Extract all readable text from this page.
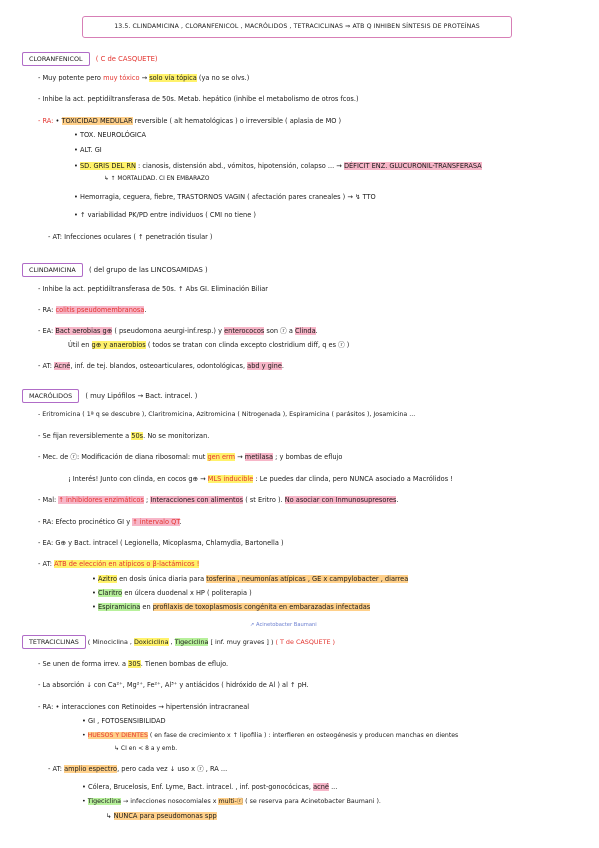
13.5. CLINDAMICINA , CLORANFENICOL , MACRÓLIDOS , TETRACICLINAS ⇒ ATB Q INHIBEN SÍNTESIS DE PROTEÍNAS
CLORANFENICOL ( C de CASQUETE)
- Muy potente pero muy tóxico → solo vía tópica (ya no se olvs.)
- Inhibe la act. peptidiltransferasa de 50s. Metab. hepático (inhibe el metabolismo de otros fcos.)
- RA: • TOXICIDAD MEDULAR reversible ( alt hematológicas ) o irreversible ( aplasia de MO )
• TOX. NEUROLÓGICA
• ALT. GI
• SD. GRIS DEL RN : cianosis, distensión abd., vómitos, hipotensión, colapso ... → DÉFICIT ENZ. GLUCURONIL-TRANSFERASA
↳ ↑ MORTALIDAD. CI EN EMBARAZO
• Hemorragia, ceguera, fiebre, TRASTORNOS VAGIN ( afectación pares craneales ) → ↯ TTO
• ↑ variabilidad PK/PD entre individuos ( CMI no tiene )
- AT: Infecciones oculares ( ↑ penetración tisular )
CLINDAMICINA ( del grupo de las LINCOSAMIDAS )
- Inhibe la act. peptidiltransferasa de 50s. ↑ Abs GI. Eliminación Biliar
- RA: colitis pseudomembranosa.
- EA: Bact aerobias g⊕ ( pseudomona aeurgi-inf.resp.) y enterococos son ⓡ a Clinda.
Útil en g⊕ y anaerobios ( todos se tratan con clinda excepto clostridium diff, q es ⓡ )
- AT: Acné, inf. de tej. blandos, osteoarticulares, odontológicas, abd y gine.
MACRÓLIDOS ( muy Lipófilos → Bact. intracel. )
- Eritromicina ( 1ª q se descubre ), Claritromicina, Azitromicina ( Nitrogenada ), Espiramicina ( parásitos ), Josamicina ...
- Se fijan reversiblemente a 50s. No se monitorizan.
- Mec. de ⓡ: Modificación de diana ribosomal: mut gen erm → metilasa ; y bombas de eflujo
¡ Interés! Junto con clinda, en cocos g⊕ → MLS inducible : Le puedes dar clinda, pero NUNCA asociado a Macrólidos !
- Mal: ↑ inhibidores enzimáticos ; Interacciones con alimentos ( st Eritro ). No asociar con Inmunosupresores.
- RA: Efecto procinético GI y ↑ intervalo QT.
- EA: G⊕ y Bact. intracel ( Legionella, Micoplasma, Chlamydia, Bartonella )
- AT: ATB de elección en atípicos o β-lactámicos !
• Azitro en dosis única diaria para tosferina , neumonías atípicas , GE x campylobacter , diarrea
• Claritro en úlcera duodenal x HP ( politerapia )
• Espiramicina en profilaxis de toxoplasmosis congénita en embarazadas infectadas
↗ Acinetobacter Baumani
TETRACICLINAS ( Minociclina , Doxiciclina , Tigeciclina [ inf. muy graves ] ) ( T de CASQUETE )
- Se unen de forma irrev. a 30S. Tienen bombas de eflujo.
- La absorción ↓ con Ca²⁺, Mg²⁺, Fe²⁺, Al³⁺ y antiácidos ( hidróxido de Al ) al ↑ pH.
- RA: • interacciones con Retinoides → hipertensión intracraneal
• GI , FOTOSENSIBILIDAD
• HUESOS Y DIENTES ( en fase de crecimiento x ↑ lipofilia ) : interfieren en osteogénesis y producen manchas en dientes
↳ CI en < 8 a y emb.
- AT: amplio espectro, pero cada vez ↓ uso x ⓡ , RA ...
• Cólera, Brucelosis, Enf. Lyme, Bact. intracel. , inf. post-gonocócicas, acné ...
• Tigeciclina → infecciones nosocomiales x multi-ⓡ ( se reserva para Acinetobacter Baumani ).
↳ NUNCA para pseudomonas spp
